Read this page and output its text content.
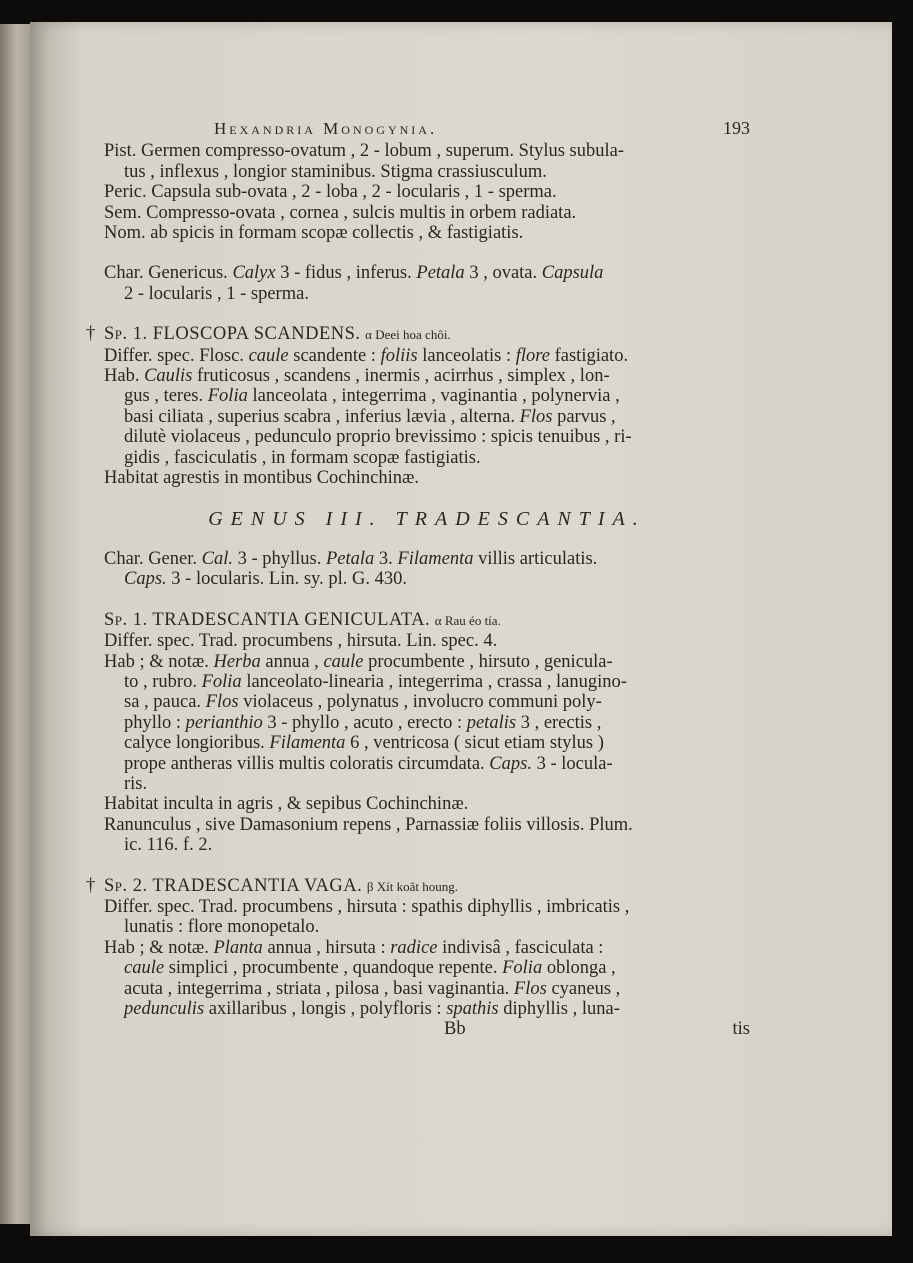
Hexandria Monogynia.	193
Pist. Germen compresso-ovatum , 2 - lobum , superum. Stylus subula-
tus , inflexus , longior staminibus. Stigma crassiusculum.
Peric. Capsula sub-ovata , 2 - loba , 2 - locularis , 1 - sperma.
Sem. Compresso-ovata , cornea , sulcis multis in orbem radiata.
Nom. ab spicis in formam scopæ collectis , & fastigiatis.
Char. Genericus. Calyx 3 - fidus , inferus. Petala 3 , ovata. Capsula
2 - locularis , 1 - sperma.
† Sp. 1. FLOSCOPA SCANDENS. α Deei hoa chôi.
Differ. spec. Flosc. caule scandente : foliis lanceolatis : flore fastigiato.
Hab. Caulis fruticosus , scandens , inermis , acirrhus , simplex , lon-
gus , teres. Folia lanceolata , integerrima , vaginantia , polynervia ,
basi ciliata , superius scabra , inferius lævia , alterna. Flos parvus ,
dilutè violaceus , pedunculo proprio brevissimo : spicis tenuibus , ri-
gidis , fasciculatis , in formam scopæ fastigiatis.
Habitat agrestis in montibus Cochinchinæ.
GENUS III. TRADESCANTIA.
Char. Gener. Cal. 3 - phyllus. Petala 3. Filamenta villis articulatis.
Caps. 3 - locularis. Lin. sy. pl. G. 430.
Sp. 1. TRADESCANTIA GENICULATA. α Rau éo tía.
Differ. spec. Trad. procumbens , hirsuta. Lin. spec. 4.
Hab ; & notæ. Herba annua , caule procumbente , hirsuto , genicula-
to , rubro. Folia lanceolato-linearia , integerrima , crassa , lanugino-
sa , pauca. Flos violaceus , polynatus , involucro communi poly-
phyllo : perianthio 3 - phyllo , acuto , erecto : petalis 3 , erectis ,
calyce longioribus. Filamenta 6 , ventricosa ( sicut etiam stylus )
prope antheras villis multis coloratis circumdata. Caps. 3 - locula-
ris.
Habitat inculta in agris , & sepibus Cochinchinæ.
Ranunculus , sive Damasonium repens , Parnassiæ foliis villosis. Plum.
ic. 116. f. 2.
† Sp. 2. TRADESCANTIA VAGA. β Xít koăt houng.
Differ. spec. Trad. procumbens , hirsuta : spathis diphyllis , imbricatis ,
lunatis : flore monopetalo.
Hab ; & notæ. Planta annua , hirsuta : radice indivisâ , fasciculata :
caule simplici , procumbente , quandoque repente. Folia oblonga ,
acuta , integerrima , striata , pilosa , basi vaginantia. Flos cyaneus ,
pedunculis axillaribus , longis , polyfloris : spathis diphyllis , luna-
Bb	tis
